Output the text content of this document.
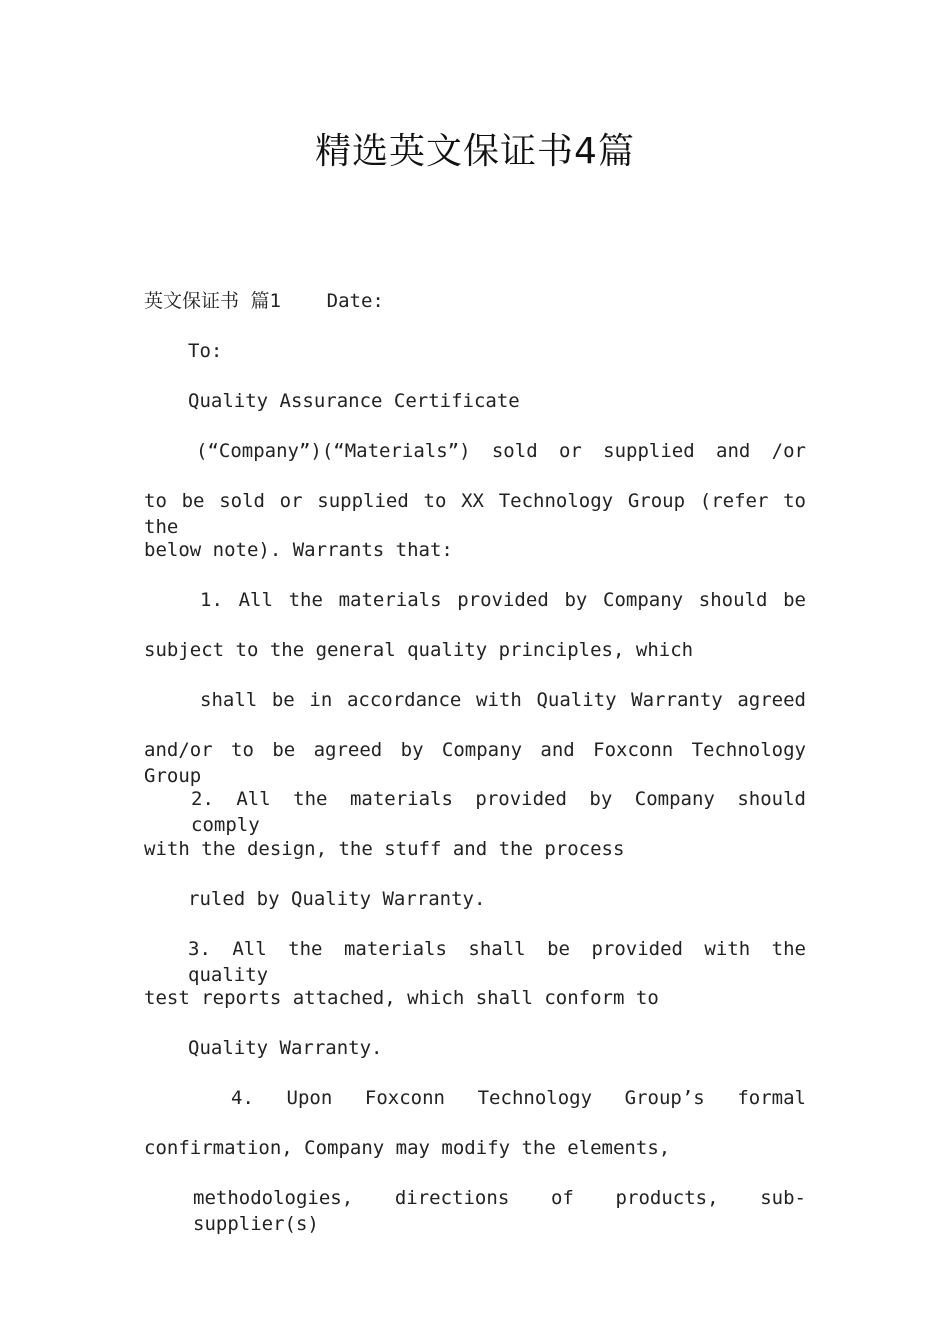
精选英文保证书4篇
英文保证书 篇1    Date:
To:
Quality Assurance Certificate
(“Company”)(“Materials”) sold or supplied and /or
to be sold or supplied to XX Technology Group (refer to the
below note). Warrants that:
1. All the materials provided by Company should be
subject to the general quality principles, which
shall be in accordance with Quality Warranty agreed
and/or to be agreed by Company and Foxconn Technology Group
2. All the materials provided by Company should comply
with the design, the stuff and the process
ruled by Quality Warranty.
3. All the materials shall be provided with the quality
test reports attached, which shall conform to
Quality Warranty.
4. Upon Foxconn Technology Group’s formal
confirmation, Company may modify the elements,
methodologies, directions of products, sub-supplier(s)
